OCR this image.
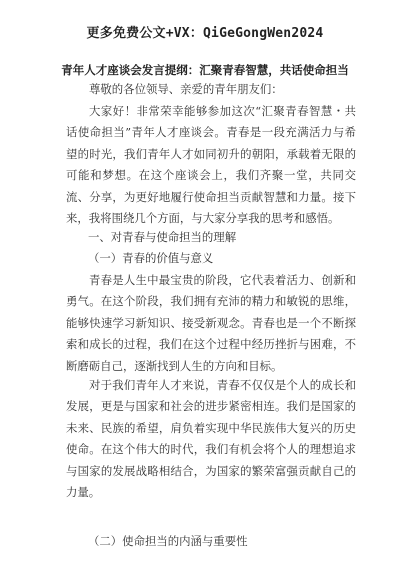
更多免费公文+VX：QiGeGongWen2024
青年人才座谈会发言提纲：汇聚青春智慧，共话使命担当

尊敬的各位领导、亲爱的青年朋友们：

大家好！非常荣幸能够参加这次“汇聚青春智慧・共话使命担当”青年人才座谈会。青春是一段充满活力与希望的时光，我们青年人才如同初升的朝阳，承载着无限的可能和梦想。在这个座谈会上，我们齐聚一堂，共同交流、分享，为更好地履行使命担当贡献智慧和力量。接下来，我将围绕几个方面，与大家分享我的思考和感悟。

一、对青春与使命担当的理解

（一）青春的价值与意义

青春是人生中最宝贵的阶段，它代表着活力、创新和勇气。在这个阶段，我们拥有充沛的精力和敏锐的思维，能够快速学习新知识、接受新观念。青春也是一个不断探索和成长的过程，我们在这个过程中经历挫折与困难，不断磨砺自己，逐渐找到人生的方向和目标。

对于我们青年人才来说，青春不仅仅是个人的成长和发展，更是与国家和社会的进步紧密相连。我们是国家的未来、民族的希望，肩负着实现中华民族伟大复兴的历史使命。在这个伟大的时代，我们有机会将个人的理想追求与国家的发展战略相结合，为国家的繁荣富强贡献自己的力量。

（二）使命担当的内涵与重要性
